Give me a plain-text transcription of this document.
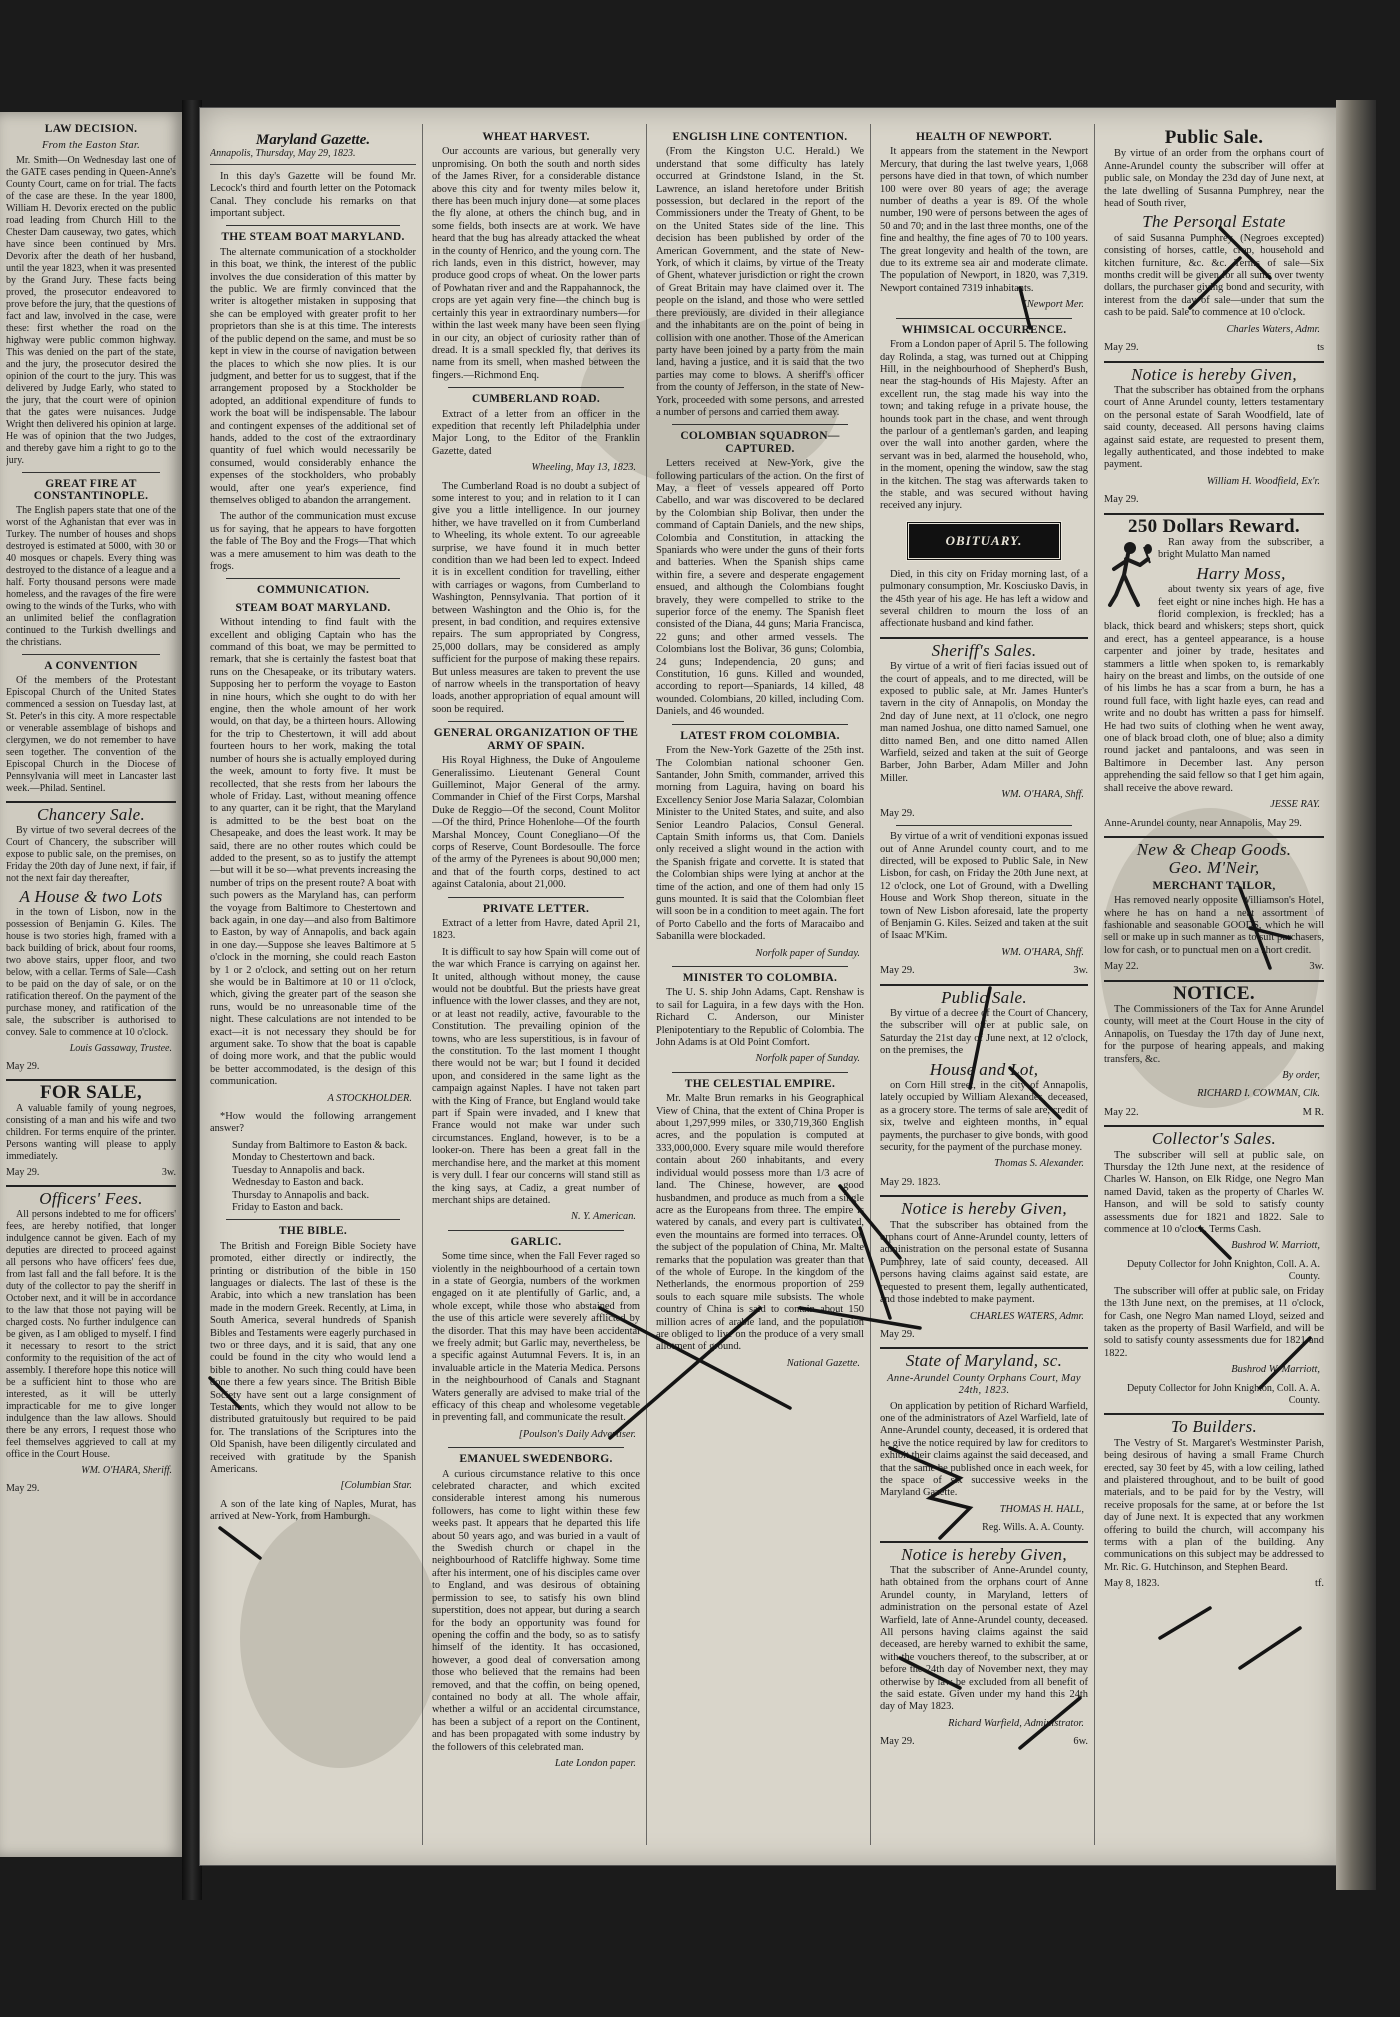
LAW DECISION.
From the Easton Star.

Mr. Smith—On Wednesday last one of the GATE cases pending in Queen-Anne's County Court, came on for trial. The facts of the case are these. In the year 1800, William H. Devorix erected on the public road leading from Church Hill to the Chester Dam causeway, two gates, which have since been continued by Mrs. Devorix after the death of her husband, until the year 1823, when it was presented by the Grand Jury. These facts being proved, the prosecutor endeavored to prove before the jury, that the questions of fact and law, involved in the case, were these: first whether the road on the highway were public common highway. This was denied on the part of the state, and the jury, the prosecutor desired the opinion of the court to the jury. This was delivered by Judge Early, who stated to the jury, that the court were of opinion that the gates were nuisances. Judge Wright then delivered his opinion at large. He was of opinion that the two Judges, and thereby gave him a right to go to the jury.

GREAT FIRE AT CONSTANTINOPLE.

The English papers state that one of the worst of the Aghanistan that ever was in Turkey. The number of houses and shops destroyed is estimated at 5000, with 30 or 40 mosques or chapels. Every thing was destroyed to the distance of a league and a half. Forty thousand persons were made homeless, and the ravages of the fire were owing to the winds of the Turks, who with an unlimited belief the conflagration continued to the Turkish dwellings and the christians.

A CONVENTION

Of the members of the Protestant Episcopal Church of the United States commenced a session on Tuesday last, at St. Peter's in this city. A more respectable or venerable assemblage of bishops and clergymen, we do not remember to have seen together. The convention of the Episcopal Church in the Diocese of Pennsylvania will meet in Lancaster last week.—Philad. Sentinel.

Chancery Sale.

By virtue of two several decrees of the Court of Chancery, the subscriber will expose to public sale, on the premises, on Friday the 20th day of June next, if fair, if not the next fair day thereafter,

A House & two Lots

in the town of Lisbon, now in the possession of Benjamin G. Kiles. The house is two stories high, framed with a back building of brick, about four rooms, two above stairs, upper floor, and two below, with a cellar. Terms of Sale—Cash to be paid on the day of sale, or on the ratification thereof. On the payment of the purchase money, and ratification of the sale, the subscriber is authorised to convey. Sale to commence at 10 o'clock.

Louis Gassaway, Trustee.
May 29.
FOR SALE,

A valuable family of young negroes, consisting of a man and his wife and two children. For terms enquire of the printer. Persons wanting will please to apply immediately.

May 29.	3w.
Officers' Fees.

All persons indebted to me for officers' fees, are hereby notified, that longer indulgence cannot be given. Each of my deputies are directed to proceed against all persons who have officers' fees due, from last fall and the fall before. It is the duty of the collector to pay the sheriff in October next, and it will be in accordance to the law that those not paying will be charged costs. No further indulgence can be given, as I am obliged to myself. I find it necessary to resort to the strict conformity to the requisition of the act of assembly. I therefore hope this notice will be a sufficient hint to those who are interested, as it will be utterly impracticable for me to give longer indulgence than the law allows. Should there be any errors, I request those who feel themselves aggrieved to call at my office in the Court House.

WM. O'HARA, Sheriff.
May 29.
Maryland Gazette.
Annapolis, Thursday, May 29, 1823.

In this day's Gazette will be found Mr. Lecock's third and fourth letter on the Potomack Canal. They conclude his remarks on that important subject.

THE STEAM BOAT MARYLAND.

The alternate communication of a stockholder in this boat, we think, the interest of the public involves the due consideration of this matter by the public. We are firmly convinced that the writer is altogether mistaken in supposing that she can be employed with greater profit to her proprietors than she is at this time. The interests of the public depend on the same, and must be so kept in view in the course of navigation between the places to which she now plies. It is our judgment, and better for us to suggest, that if the arrangement proposed by a Stockholder be adopted, an additional expenditure of funds to work the boat will be indispensable. The labour and contingent expenses of the additional set of hands, added to the cost of the extraordinary quantity of fuel which would necessarily be consumed, would considerably enhance the expenses of the stockholders, who probably would, after one year's experience, find themselves obliged to abandon the arrangement.

The author of the communication must excuse us for saying, that he appears to have forgotten the fable of The Boy and the Frogs—That which was a mere amusement to him was death to the frogs.

COMMUNICATION.
STEAM BOAT MARYLAND.

Without intending to find fault with the excellent and obliging Captain who has the command of this boat, we may be permitted to remark, that she is certainly the fastest boat that runs on the Chesapeake, or its tributary waters. Supposing her to perform the voyage to Easton in nine hours, which she ought to do with her engine, then the whole amount of her work would, on that day, be a thirteen hours. Allowing for the trip to Chestertown, it will add about fourteen hours to her work, making the total number of hours she is actually employed during the week, amount to forty five. It must be recollected, that she rests from her labours the whole of Friday. Last, without meaning offence to any quarter, can it be right, that the Maryland is admitted to be the best boat on the Chesapeake, and does the least work. It may be said, there are no other routes which could be added to the present, so as to justify the attempt—but will it be so—what prevents increasing the number of trips on the present route? A boat with such powers as the Maryland has, can perform the voyage from Baltimore to Chestertown and back again, in one day—and also from Baltimore to Easton, by way of Annapolis, and back again in one day.—Suppose she leaves Baltimore at 5 o'clock in the morning, she could reach Easton by 1 or 2 o'clock, and setting out on her return she would be in Baltimore at 10 or 11 o'clock, which, giving the greater part of the season she runs, would be no unreasonable time of the night. These calculations are not intended to be exact—it is not necessary they should be for argument sake. To show that the boat is capable of doing more work, and that the public would be better accommodated, is the design of this communication.

A STOCKHOLDER.

*How would the following arrangement answer?

Sunday from Baltimore to Easton & back.
Monday to Chestertown and back.
Tuesday to Annapolis and back.
Wednesday to Easton and back.
Thursday to Annapolis and back.
Friday to Easton and back.
THE BIBLE.

The British and Foreign Bible Society have promoted, either directly or indirectly, the printing or distribution of the bible in 150 languages or dialects. The last of these is the Arabic, into which a new translation has been made in the modern Greek. Recently, at Lima, in South America, several hundreds of Spanish Bibles and Testaments were eagerly purchased in two or three days, and it is said, that any one could be found in the city who would lend a bible to another. No such thing could have been done there a few years since. The British Bible Society have sent out a large consignment of Testaments, which they would not allow to be distributed gratuitously but required to be paid for. The translations of the Scriptures into the Old Spanish, have been diligently circulated and received with gratitude by the Spanish Americans.

[Columbian Star.

A son of the late king of Naples, Murat, has arrived at New-York, from Hamburgh.

WHEAT HARVEST.

Our accounts are various, but generally very unpromising. On both the south and north sides of the James River, for a considerable distance above this city and for twenty miles below it, there has been much injury done—at some places the fly alone, at others the chinch bug, and in some fields, both insects are at work. We have heard that the bug has already attacked the wheat in the county of Henrico, and the young corn. The rich lands, even in this district, however, may produce good crops of wheat. On the lower parts of Powhatan river and and the Rappahannock, the crops are yet again very fine—the chinch bug is certainly this year in extraordinary numbers—for within the last week many have been seen flying in our city, an object of curiosity rather than of dread. It is a small speckled fly, that derives its name from its smell, when mashed between the fingers.—Richmond Enq.

CUMBERLAND ROAD.

Extract of a letter from an officer in the expedition that recently left Philadelphia under Major Long, to the Editor of the Franklin Gazette, dated

Wheeling, May 13, 1823.

The Cumberland Road is no doubt a subject of some interest to you; and in relation to it I can give you a little intelligence. In our journey hither, we have travelled on it from Cumberland to Wheeling, its whole extent. To our agreeable surprise, we have found it in much better condition than we had been led to expect. Indeed it is in excellent condition for travelling, either with carriages or wagons, from Cumberland to Washington, Pennsylvania. That portion of it between Washington and the Ohio is, for the present, in bad condition, and requires extensive repairs. The sum appropriated by Congress, 25,000 dollars, may be considered as amply sufficient for the purpose of making these repairs. But unless measures are taken to prevent the use of narrow wheels in the transportation of heavy loads, another appropriation of equal amount will soon be required.

GENERAL ORGANIZATION OF THE ARMY OF SPAIN.

His Royal Highness, the Duke of Angouleme Generalissimo. Lieutenant General Count Guilleminot, Major General of the army. Commander in Chief of the First Corps, Marshal Duke de Reggio—Of the second, Count Molitor—Of the third, Prince Hohenlohe—Of the fourth Marshal Moncey, Count Conegliano—Of the corps of Reserve, Count Bordesoulle. The force of the army of the Pyrenees is about 90,000 men; and that of the fourth corps, destined to act against Catalonia, about 21,000.

PRIVATE LETTER.

Extract of a letter from Havre, dated April 21, 1823.

It is difficult to say how Spain will come out of the war which France is carrying on against her. It united, although without money, the cause would not be doubtful. But the priests have great influence with the lower classes, and they are not, or at least not readily, active, favourable to the Constitution. The prevailing opinion of the towns, who are less superstitious, is in favour of the constitution. To the last moment I thought there would not be war; but I found it decided upon, and considered in the same light as the campaign against Naples. I have not taken part with the King of France, but England would take part if Spain were invaded, and I knew that France would not make war under such circumstances. England, however, is to be a looker-on. There has been a great fall in the merchandise here, and the market at this moment is very dull. I fear our concerns will stand still as the king says, at Cadiz, a great number of merchant ships are detained.

N. Y. American.
GARLIC.

Some time since, when the Fall Fever raged so violently in the neighbourhood of a certain town in a state of Georgia, numbers of the workmen engaged on it ate plentifully of Garlic, and, a whole except, while those who abstained from the use of this article were severely afflicted by the disorder. That this may have been accidental we freely admit; but Garlic may, nevertheless, be a specific against Autumnal Fevers. It is, in an invaluable article in the Materia Medica. Persons in the neighbourhood of Canals and Stagnant Waters generally are advised to make trial of the efficacy of this cheap and wholesome vegetable in preventing fall, and communicate the result.

[Poulson's Daily Advertiser.
EMANUEL SWEDENBORG.

A curious circumstance relative to this once celebrated character, and which excited considerable interest among his numerous followers, has come to light within these few weeks past. It appears that he departed this life about 50 years ago, and was buried in a vault of the Swedish church or chapel in the neighbourhood of Ratcliffe highway. Some time after his interment, one of his disciples came over to England, and was desirous of obtaining permission to see, to satisfy his own blind superstition, does not appear, but during a search for the body an opportunity was found for opening the coffin and the body, so as to satisfy himself of the identity. It has occasioned, however, a good deal of conversation among those who believed that the remains had been removed, and that the coffin, on being opened, contained no body at all. The whole affair, whether a wilful or an accidental circumstance, has been a subject of a report on the Continent, and has been propagated with some industry by the followers of this celebrated man.

Late London paper.
ENGLISH LINE CONTENTION.

(From the Kingston U.C. Herald.) We understand that some difficulty has lately occurred at Grindstone Island, in the St. Lawrence, an island heretofore under British possession, but declared in the report of the Commissioners under the Treaty of Ghent, to be on the United States side of the line. This decision has been published by order of the American Government, and the state of New-York, of which it claims, by virtue of the Treaty of Ghent, whatever jurisdiction or right the crown of Great Britain may have claimed over it. The people on the island, and those who were settled there previously, are divided in their allegiance and the inhabitants are on the point of being in collision with one another. Those of the American party have been joined by a party from the main land, having a justice, and it is said that the two parties may come to blows. A sheriff's officer from the county of Jefferson, in the state of New-York, proceeded with some persons, and arrested a number of persons and carried them away.

COLOMBIAN SQUADRON—CAPTURED.

Letters received at New-York, give the following particulars of the action. On the first of May, a fleet of vessels appeared off Porto Cabello, and war was discovered to be declared by the Colombian ship Bolivar, then under the command of Captain Daniels, and the new ships, Colombia and Constitution, in attacking the Spaniards who were under the guns of their forts and batteries. When the Spanish ships came within fire, a severe and desperate engagement ensued, and although the Colombians fought bravely, they were compelled to strike to the superior force of the enemy. The Spanish fleet consisted of the Diana, 44 guns; Maria Francisca, 22 guns; and other armed vessels. The Colombians lost the Bolivar, 36 guns; Colombia, 24 guns; Independencia, 20 guns; and Constitution, 16 guns. Killed and wounded, according to report—Spaniards, 14 killed, 48 wounded. Colombians, 20 killed, including Com. Daniels, and 46 wounded.

LATEST FROM COLOMBIA.

From the New-York Gazette of the 25th inst. The Colombian national schooner Gen. Santander, John Smith, commander, arrived this morning from Laguira, having on board his Excellency Senior Jose Maria Salazar, Colombian Minister to the United States, and suite, and also Senior Leandro Palacios, Consul General. Captain Smith informs us, that Com. Daniels only received a slight wound in the action with the Spanish frigate and corvette. It is stated that the Colombian ships were lying at anchor at the time of the action, and one of them had only 15 guns mounted. It is said that the Colombian fleet will soon be in a condition to meet again. The fort of Porto Cabello and the forts of Maracaibo and Sabanilla were blockaded.

Norfolk paper of Sunday.
MINISTER TO COLOMBIA.

The U. S. ship John Adams, Capt. Renshaw is to sail for Laguira, in a few days with the Hon. Richard C. Anderson, our Minister Plenipotentiary to the Republic of Colombia. The John Adams is at Old Point Comfort.

Norfolk paper of Sunday.
THE CELESTIAL EMPIRE.

Mr. Malte Brun remarks in his Geographical View of China, that the extent of China Proper is about 1,297,999 miles, or 330,719,360 English acres, and the population is computed at 333,000,000. Every square mile would therefore contain about 260 inhabitants, and every individual would possess more than 1/3 acre of land. The Chinese, however, are good husbandmen, and produce as much from a single acre as the Europeans from three. The empire is watered by canals, and every part is cultivated, even the mountains are formed into terraces. On the subject of the population of China, Mr. Malte remarks that the population was greater than that of the whole of Europe. In the kingdom of the Netherlands, the enormous proportion of 259 souls to each square mile subsists. The whole country of China is said to contain about 150 million acres of arable land, and the population are obliged to live on the produce of a very small allotment of ground.

National Gazette.
HEALTH OF NEWPORT.

It appears from the statement in the Newport Mercury, that during the last twelve years, 1,068 persons have died in that town, of which number 100 were over 80 years of age; the average number of deaths a year is 89. Of the whole number, 190 were of persons between the ages of 50 and 70; and in the last three months, one of the fine and healthy, the fine ages of 70 to 100 years. The great longevity and health of the town, are due to its extreme sea air and moderate climate. The population of Newport, in 1820, was 7,319. Newport contained 7319 inhabitants.

[Newport Mer.
WHIMSICAL OCCURRENCE.

From a London paper of April 5. The following day Rolinda, a stag, was turned out at Chipping Hill, in the neighbourhood of Shepherd's Bush, near the stag-hounds of His Majesty. After an excellent run, the stag made his way into the town; and taking refuge in a private house, the hounds took part in the chase, and went through the parlour of a gentleman's garden, and leaping over the wall into another garden, where the servant was in bed, alarmed the household, who, in the moment, opening the window, saw the stag in the kitchen. The stag was afterwards taken to the stable, and was secured without having received any injury.

OBITUARY.

Died, in this city on Friday morning last, of a pulmonary consumption, Mr. Kosciusko Davis, in the 45th year of his age. He has left a widow and several children to mourn the loss of an affectionate husband and kind father.

Sheriff's Sales.

By virtue of a writ of fieri facias issued out of the court of appeals, and to me directed, will be exposed to public sale, at Mr. James Hunter's tavern in the city of Annapolis, on Monday the 2nd day of June next, at 11 o'clock, one negro man named Joshua, one ditto named Samuel, one ditto named Ben, and one ditto named Allen Warfield, seized and taken at the suit of George Barber, John Barber, Adam Miller and John Miller.

WM. O'HARA, Shff.
May 29.

By virtue of a writ of venditioni exponas issued out of Anne Arundel county court, and to me directed, will be exposed to Public Sale, in New Lisbon, for cash, on Friday the 20th June next, at 12 o'clock, one Lot of Ground, with a Dwelling House and Work Shop thereon, situate in the town of New Lisbon aforesaid, late the property of Benjamin G. Kiles. Seized and taken at the suit of Isaac M'Kim.

WM. O'HARA, Shff.
May 29.	3w.
Public Sale.

By virtue of a decree of the Court of Chancery, the subscriber will offer at public sale, on Saturday the 21st day of June next, at 12 o'clock, on the premises, the

House and Lot,

on Corn Hill street, in the city of Annapolis, lately occupied by William Alexander, deceased, as a grocery store. The terms of sale are, credit of six, twelve and eighteen months, in equal payments, the purchaser to give bonds, with good security, for the payment of the purchase money.

Thomas S. Alexander.
May 29. 1823.
Notice is hereby Given,

That the subscriber has obtained from the orphans court of Anne-Arundel county, letters of administration on the personal estate of Susanna Pumphrey, late of said county, deceased. All persons having claims against said estate, are requested to present them, legally authenticated, and those indebted to make payment.

CHARLES WATERS, Admr.
May 29.
State of Maryland, sc.
Anne-Arundel County Orphans Court, May 24th, 1823.

On application by petition of Richard Warfield, one of the administrators of Azel Warfield, late of Anne-Arundel county, deceased, it is ordered that he give the notice required by law for creditors to exhibit their claims against the said deceased, and that the same be published once in each week, for the space of six successive weeks in the Maryland Gazette.

THOMAS H. HALL,
Reg. Wills. A. A. County.
Notice is hereby Given,

That the subscriber of Anne-Arundel county, hath obtained from the orphans court of Anne Arundel county, in Maryland, letters of administration on the personal estate of Azel Warfield, late of Anne-Arundel county, deceased. All persons having claims against the said deceased, are hereby warned to exhibit the same, with the vouchers thereof, to the subscriber, at or before the 24th day of November next, they may otherwise by law be excluded from all benefit of the said estate. Given under my hand this 24th day of May 1823.

Richard Warfield, Administrator.
May 29.	6w.
Public Sale.

By virtue of an order from the orphans court of Anne-Arundel county the subscriber will offer at public sale, on Monday the 23d day of June next, at the late dwelling of Susanna Pumphrey, near the head of South river,

The Personal Estate

of said Susanna Pumphrey, (Negroes excepted) consisting of horses, cattle, crop, household and kitchen furniture, &c. &c. Terms of sale—Six months credit will be given for all sums over twenty dollars, the purchaser giving bond and security, with interest from the day of sale—under that sum the cash to be paid. Sale to commence at 10 o'clock.

Charles Waters, Admr.
May 29.	ts
Notice is hereby Given,

That the subscriber has obtained from the orphans court of Anne Arundel county, letters testamentary on the personal estate of Sarah Woodfield, late of said county, deceased. All persons having claims against said estate, are requested to present them, legally authenticated, and those indebted to make payment.

William H. Woodfield, Ex'r.
May 29.
250 Dollars Reward.

Ran away from the subscriber, a bright Mulatto Man named

Harry Moss,

about twenty six years of age, five feet eight or nine inches high. He has a florid complexion, is freckled; has a black, thick beard and whiskers; steps short, quick and erect, has a genteel appearance, is a house carpenter and joiner by trade, hesitates and stammers a little when spoken to, is remarkably hairy on the breast and limbs, on the outside of one of his limbs he has a scar from a burn, he has a round full face, with light hazle eyes, can read and write and no doubt has written a pass for himself. He had two suits of clothing when he went away, one of black broad cloth, one of blue; also a dimity round jacket and pantaloons, and was seen in Baltimore in December last. Any person apprehending the said fellow so that I get him again, shall receive the above reward.

JESSE RAY.
Anne-Arundel county, near Annapolis, May 29.
New & Cheap Goods.
Geo. M'Neir,
MERCHANT TAILOR,

Has removed nearly opposite Williamson's Hotel, where he has on hand a neat assortment of fashionable and seasonable GOODS, which he will sell or make up in such manner as to suit purchasers, low for cash, or to punctual men on a short credit.

May 22.	3w.
NOTICE.

The Commissioners of the Tax for Anne Arundel county, will meet at the Court House in the city of Annapolis, on Tuesday the 17th day of June next, for the purpose of hearing appeals, and making transfers, &c.

By order,
RICHARD I. COWMAN, Clk.
May 22.	M R.
Collector's Sales.

The subscriber will sell at public sale, on Thursday the 12th June next, at the residence of Charles W. Hanson, on Elk Ridge, one Negro Man named David, taken as the property of Charles W. Hanson, and will be sold to satisfy county assessments due for 1821 and 1822. Sale to commence at 10 o'clock. Terms Cash.

Bushrod W. Marriott,
Deputy Collector for John Knighton, Coll. A. A. County.

The subscriber will offer at public sale, on Friday the 13th June next, on the premises, at 11 o'clock, for Cash, one Negro Man named Lloyd, seized and taken as the property of Basil Warfield, and will be sold to satisfy county assessments due for 1821 and 1822.

Bushrod W. Marriott,
Deputy Collector for John Knighton, Coll. A. A. County.
To Builders.

The Vestry of St. Margaret's Westminster Parish, being desirous of having a small Frame Church erected, say 30 feet by 45, with a low ceiling, lathed and plaistered throughout, and to be built of good materials, and to be paid for by the Vestry, will receive proposals for the same, at or before the 1st day of June next. It is expected that any workmen offering to build the church, will accompany his terms with a plan of the building. Any communications on this subject may be addressed to Mr. Ric. G. Hutchinson, and Stephen Beard.

May 8, 1823.	tf.
